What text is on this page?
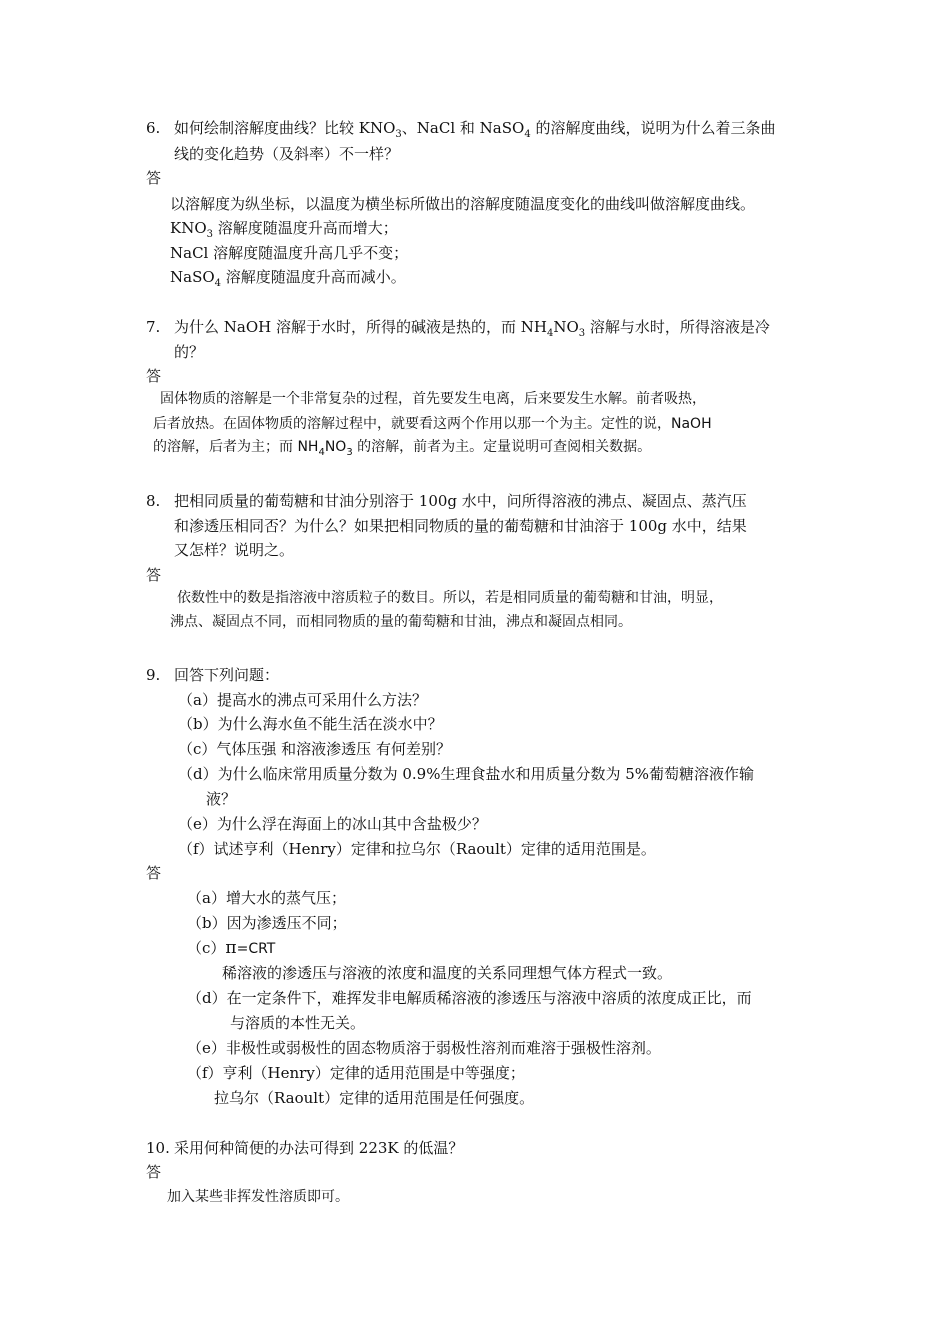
6. 如何绘制溶解度曲线？比较 $KNO_3$、NaCl 和 NaSO$_4$ 的溶解度曲线，说明为什么着三条曲
线的变化趋势（及斜率）不一样？
答
以溶解度为纵坐标，以温度为横坐标所做出的溶解度随温度变化的曲线叫做溶解度曲线。
$KNO_3$ 溶解度随温度升高而增大；
NaCl 溶解度随温度升高几乎不变；
NaSO$_4$ 溶解度随温度升高而减小。
7. 为什么 NaOH 溶解于水时，所得的碱液是热的，而 $NH_4NO_3$ 溶解与水时，所得溶液是冷
的？
答
固体物质的溶解是一个非常复杂的过程，首先要发生电离，后来要发生水解。前者吸热，
后者放热。在固体物质的溶解过程中，就要看这两个作用以那一个为主。定性的说，NaOH
的溶解，后者为主；而 $NH_4NO_3$ 的溶解，前者为主。定量说明可查阅相关数据。
8. 把相同质量的葡萄糖和甘油分别溶于 100g 水中，问所得溶液的沸点、凝固点、蒸汽压
和渗透压相同否？为什么？如果把相同物质的量的葡萄糖和甘油溶于 100g 水中，结果
又怎样？说明之。
答
依数性中的数是指溶液中溶质粒子的数目。所以，若是相同质量的葡萄糖和甘油，明显，
沸点、凝固点不同，而相同物质的量的葡萄糖和甘油，沸点和凝固点相同。
9. 回答下列问题：
（a）提高水的沸点可采用什么方法？
（b）为什么海水鱼不能生活在淡水中？
（c）气体压强 和溶液渗透压 有何差别？
（d）为什么临床常用质量分数为 0.9%生理食盐水和用质量分数为 5%葡萄糖溶液作输
液？
（e）为什么浮在海面上的冰山其中含盐极少？
（f）试述亨利（Henry）定律和拉乌尔（Raoult）定律的适用范围是。
答
（a）增大水的蒸气压；
（b）因为渗透压不同；
（c）π=CRT
稀溶液的渗透压与溶液的浓度和温度的关系同理想气体方程式一致。
（d）在一定条件下，难挥发非电解质稀溶液的渗透压与溶液中溶质的浓度成正比，而
与溶质的本性无关。
（e）非极性或弱极性的固态物质溶于弱极性溶剂而难溶于强极性溶剂。
（f）亨利（Henry）定律的适用范围是中等强度；
拉乌尔（Raoult）定律的适用范围是任何强度。
10. 采用何种简便的办法可得到 223K 的低温？
答
加入某些非挥发性溶质即可。
